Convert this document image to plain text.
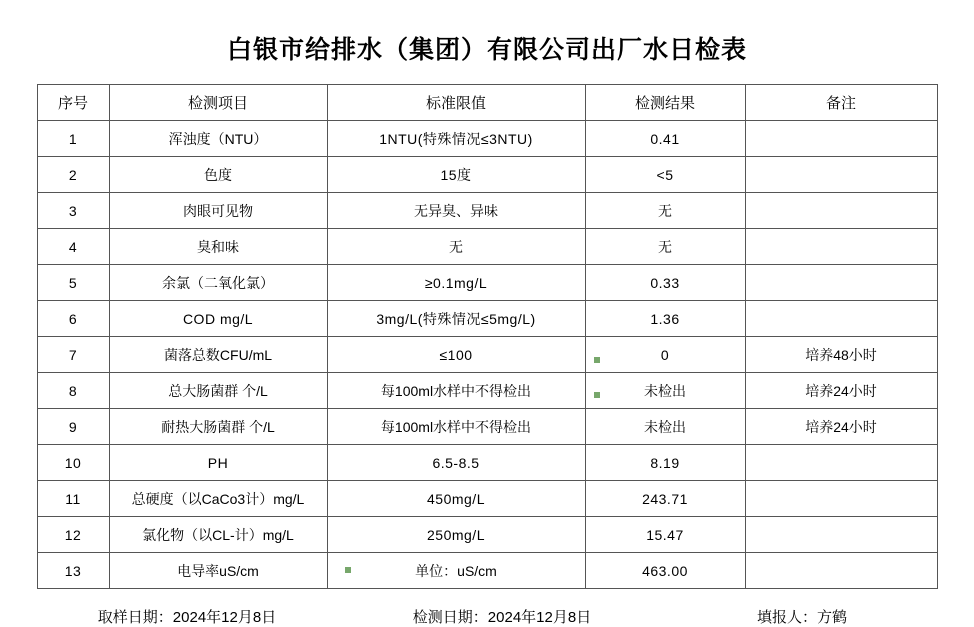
白银市给排水（集团）有限公司出厂水日检表
序号	检测项目	标准限值	检测结果	备注
1	浑浊度（NTU）	1NTU(特殊情况≤3NTU)	0.41	
2	色度	15度	<5	
3	肉眼可见物	无异臭、异味	无	
4	臭和味	无	无	
5	余氯（二氧化氯）	≥0.1mg/L	0.33	
6	COD mg/L	3mg/L(特殊情况≤5mg/L)	1.36	
7	菌落总数CFU/mL	≤100	0	培养48小时
8	总大肠菌群 个/L	每100ml水样中不得检出	未检出	培养24小时
9	耐热大肠菌群 个/L	每100ml水样中不得检出	未检出	培养24小时
10	PH	6.5-8.5	8.19	
11	总硬度（以CaCo3计）mg/L	450mg/L	243.71	
12	氯化物（以CL-计）mg/L	250mg/L	15.47	
13	电导率uS/cm	单位：uS/cm	463.00	
取样日期：2024年12月8日	检测日期：2024年12月8日	填报人：方鹤
